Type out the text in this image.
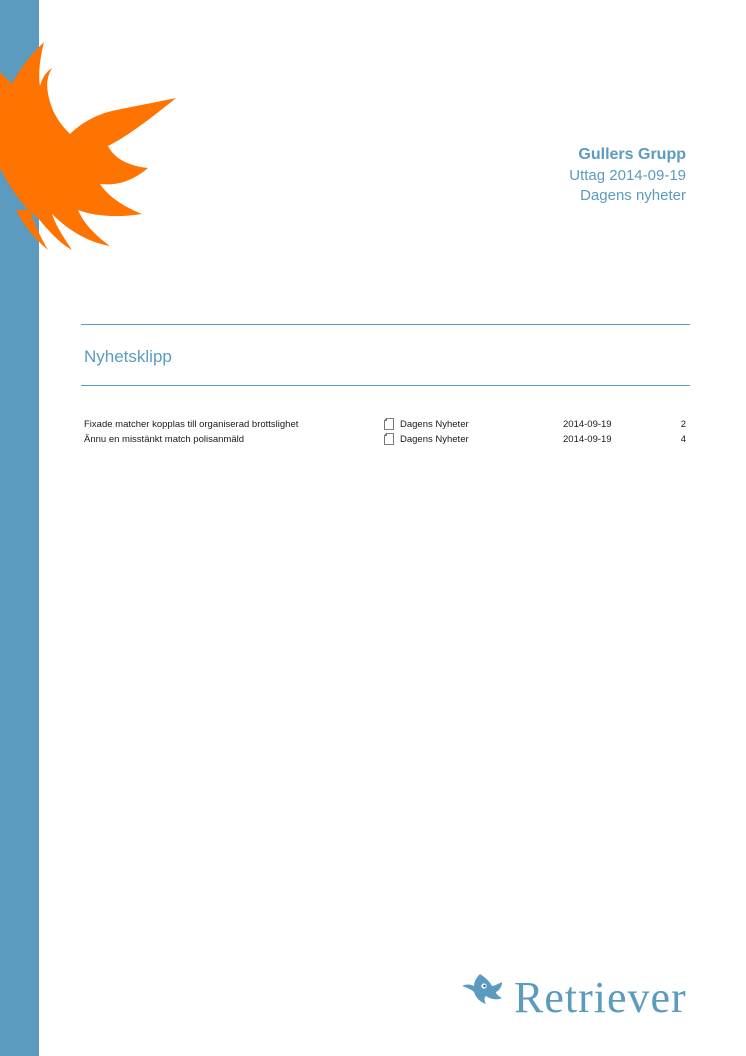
Gullers Grupp
Uttag 2014-09-19
Dagens nyheter
Nyhetsklipp
Fixade matcher kopplas till organiserad brottslighet	Dagens Nyheter	2014-09-19	2
Ännu en misstänkt match polisanmäld	Dagens Nyheter	2014-09-19	4
Retriever
